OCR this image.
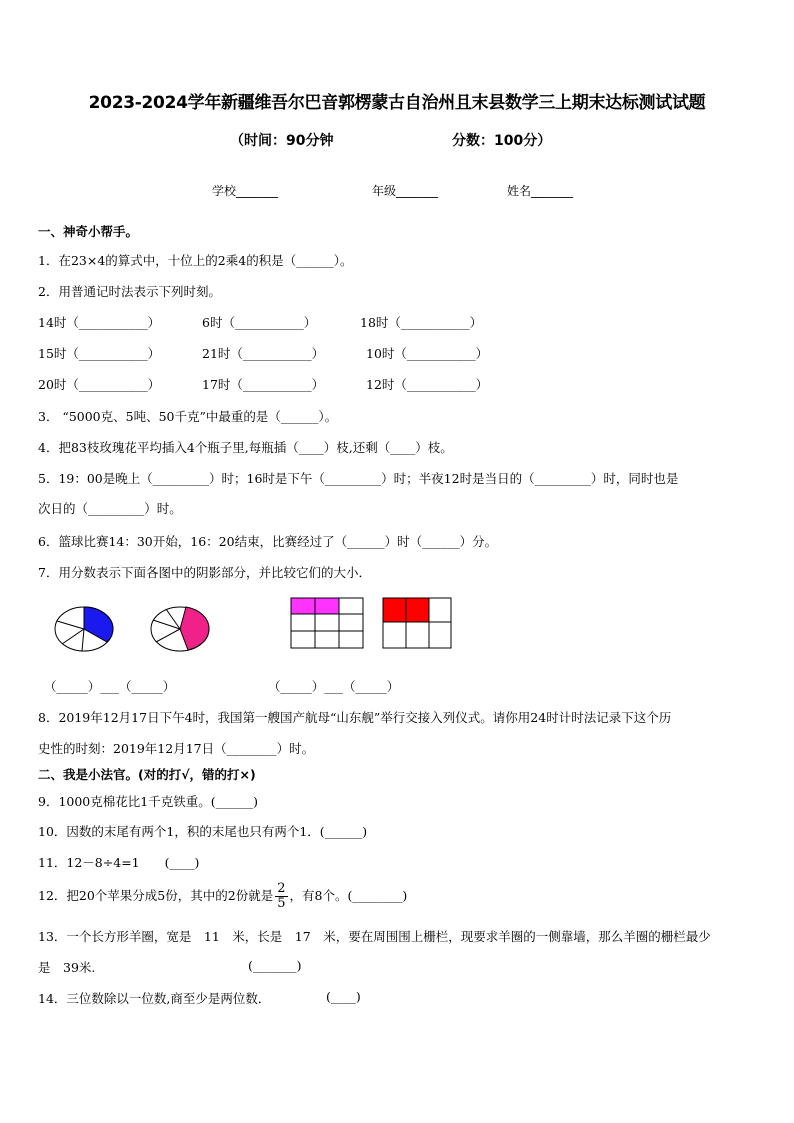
2023-2024学年新疆维吾尔巴音郭楞蒙古自治州且末县数学三上期末达标测试试题
（时间：90分钟	分数：100分）
学校_______	年级_______	姓名_______
一、神奇小帮手。
1．在23×4的算式中，十位上的2乘4的积是（______）。
2．用普通记时法表示下列时刻。
14时（___________）	6时（___________）	18时（___________）
15时（___________）	21时（___________）	10时（___________）
20时（___________）	17时（___________）	12时（___________）
3． “5000克、5吨、50千克”中最重的是（______）。
4．把83枝玫瑰花平均插入4个瓶子里,每瓶插（____）枝,还剩（____）枝。
5．19：00是晚上（_________）时；16时是下午（_________）时；半夜12时是当日的（_________）时，同时也是
次日的（_________）时。
6．篮球比赛14：30开始，16：20结束，比赛经过了（______）时（______）分。
7．用分数表示下面各图中的阴影部分，并比较它们的大小．
（_____）___（_____）	（_____）___（_____）
8．2019年12月17日下午4时，我国第一艘国产航母“山东舰”举行交接入列仪式。请你用24时计时法记录下这个历
史性的时刻：2019年12月17日（________）时。
二、我是小法官。(对的打√，错的打×)
9．1000克棉花比1千克铁重。(______)
10．因数的末尾有两个1，积的末尾也只有两个1．(______)
11．12－8÷4=1　　(____)
12．把20个苹果分成5份，其中的2份就是 $\frac{2}{5}$ ，有8个。(________)
13．一个长方形羊圈，宽是　11　米，长是　17　米，要在周围围上栅栏，现要求羊圈的一侧靠墙，那么羊圈的栅栏最少
是　39米.	(_______)
14．三位数除以一位数,商至少是两位数．	(____)
